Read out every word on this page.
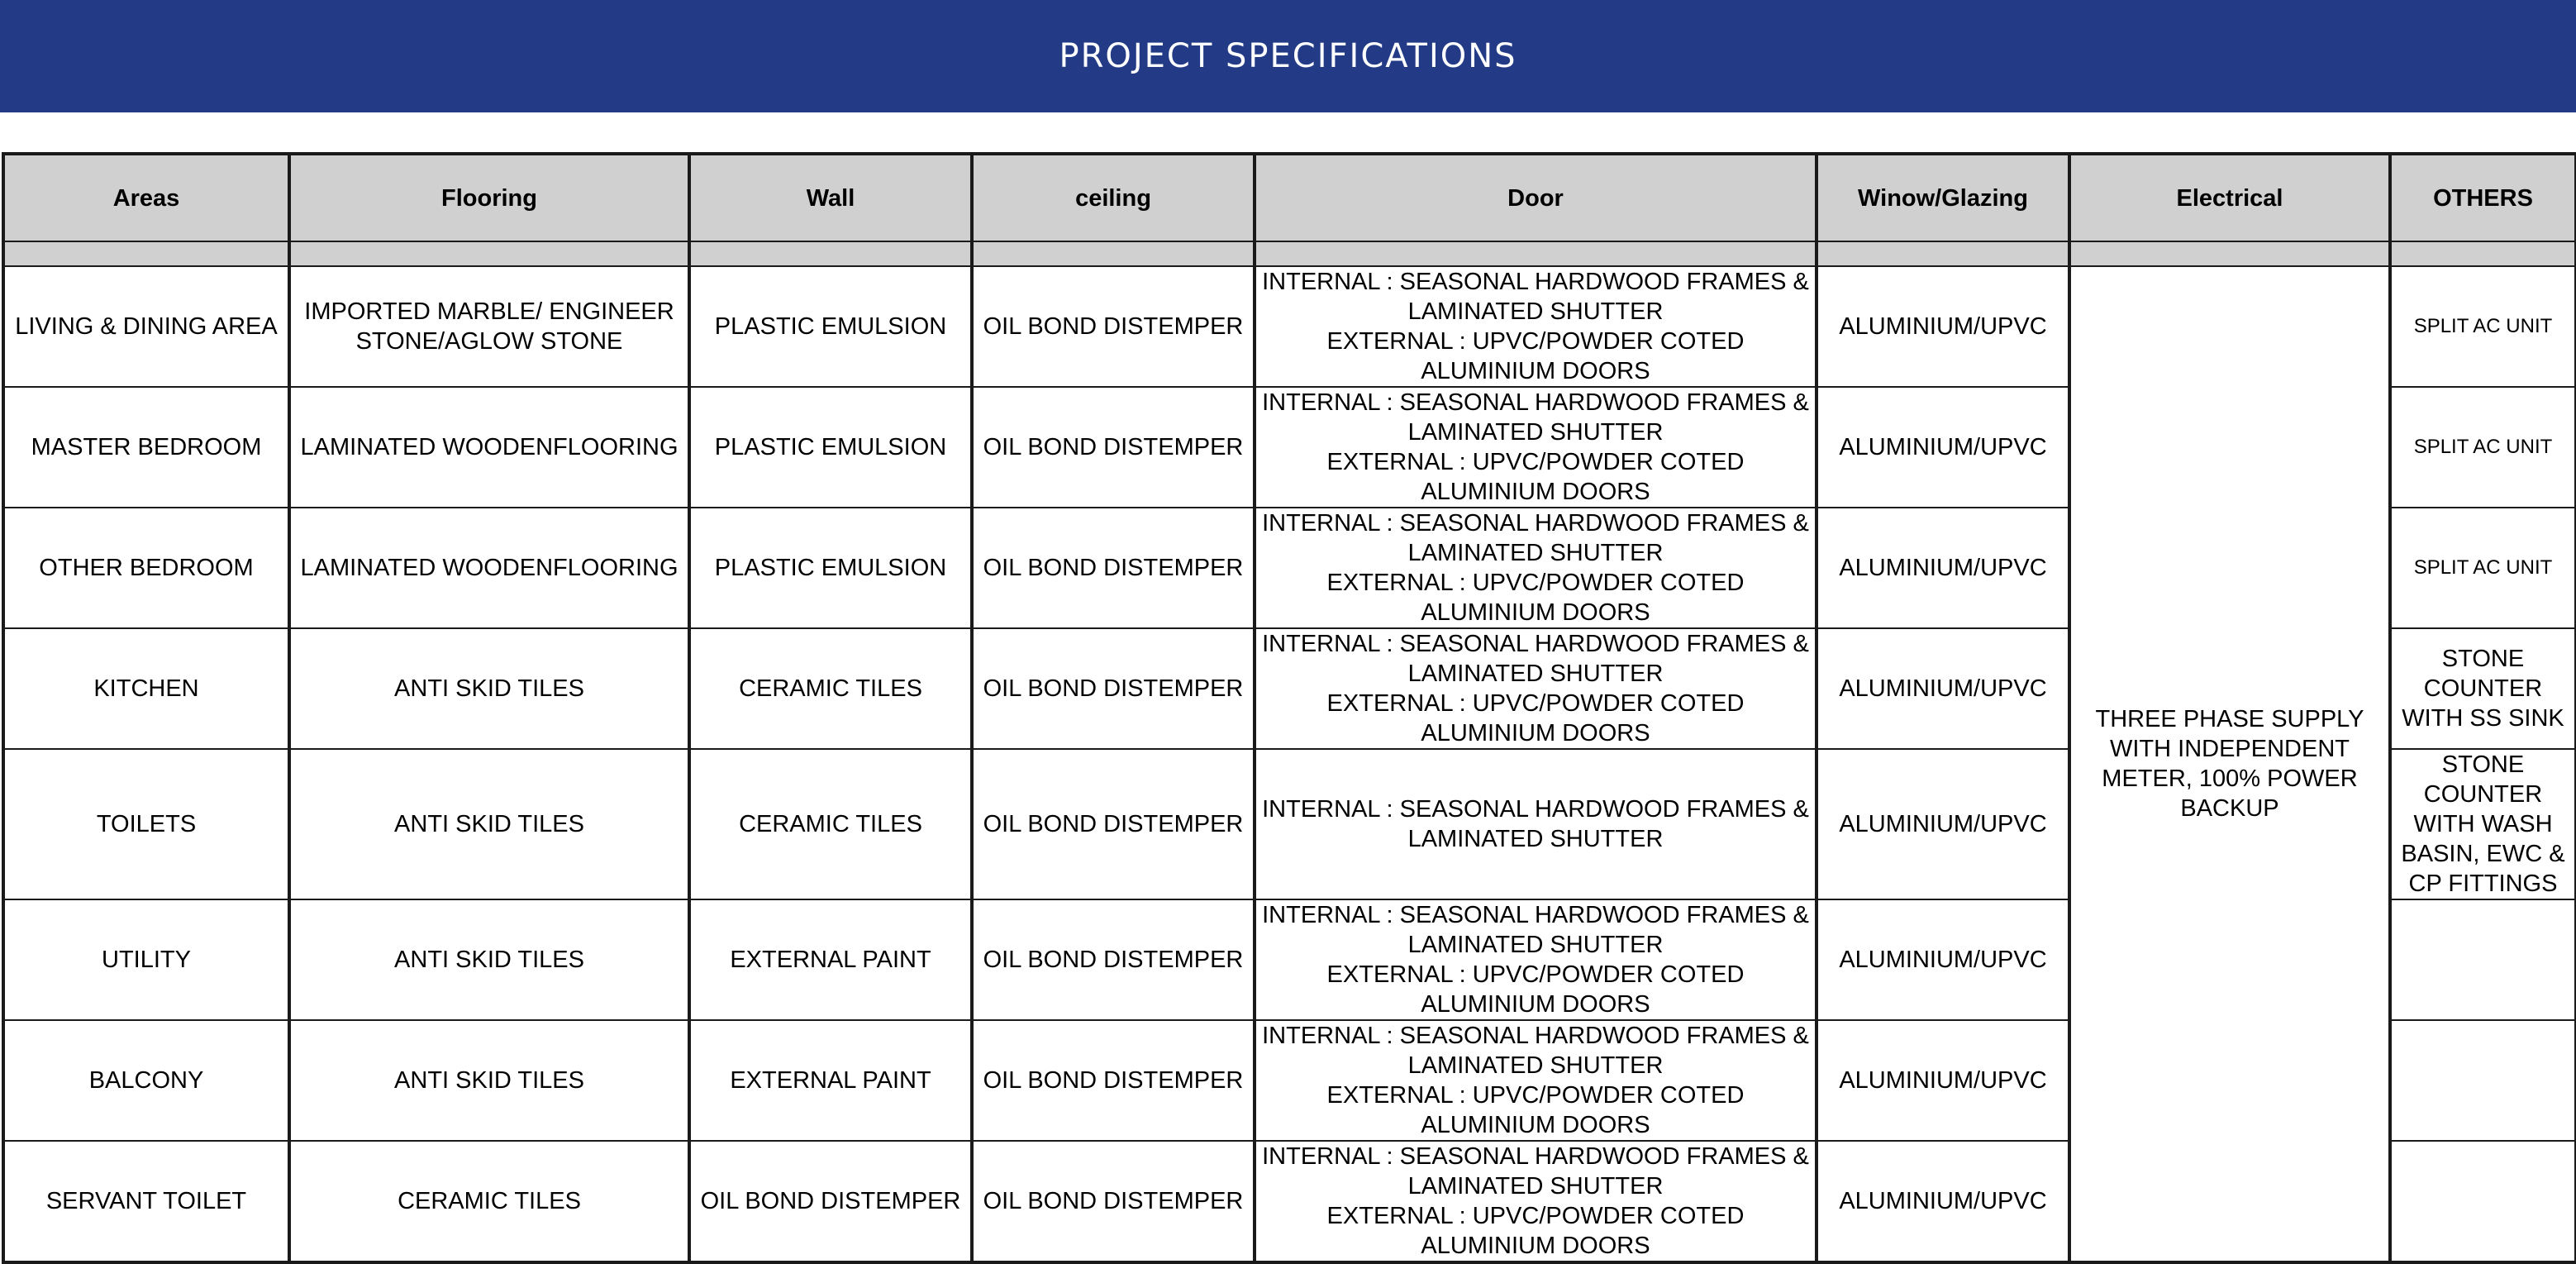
PROJECT SPECIFICATIONS
Areas	Flooring	Wall	ceiling	Door	Winow/Glazing	Electrical	OTHERS

LIVING & DINING AREA	IMPORTED MARBLE/ ENGINEER STONE/AGLOW STONE	PLASTIC EMULSION	OIL BOND DISTEMPER	INTERNAL : SEASONAL HARDWOOD FRAMES &
LAMINATED SHUTTER
EXTERNAL : UPVC/POWDER COTED
ALUMINIUM DOORS	ALUMINIUM/UPVC	THREE PHASE SUPPLY WITH INDEPENDENT METER, 100% POWER BACKUP	SPLIT AC UNIT
MASTER BEDROOM	LAMINATED WOODENFLOORING	PLASTIC EMULSION	OIL BOND DISTEMPER	INTERNAL : SEASONAL HARDWOOD FRAMES &
LAMINATED SHUTTER
EXTERNAL : UPVC/POWDER COTED
ALUMINIUM DOORS	ALUMINIUM/UPVC		SPLIT AC UNIT
OTHER BEDROOM	LAMINATED WOODENFLOORING	PLASTIC EMULSION	OIL BOND DISTEMPER	INTERNAL : SEASONAL HARDWOOD FRAMES &
LAMINATED SHUTTER
EXTERNAL : UPVC/POWDER COTED
ALUMINIUM DOORS	ALUMINIUM/UPVC		SPLIT AC UNIT
KITCHEN	ANTI SKID TILES	CERAMIC TILES	OIL BOND DISTEMPER	INTERNAL : SEASONAL HARDWOOD FRAMES &
LAMINATED SHUTTER
EXTERNAL : UPVC/POWDER COTED
ALUMINIUM DOORS	ALUMINIUM/UPVC		STONE COUNTER WITH SS SINK
TOILETS	ANTI SKID TILES	CERAMIC TILES	OIL BOND DISTEMPER	INTERNAL : SEASONAL HARDWOOD FRAMES &
LAMINATED SHUTTER	ALUMINIUM/UPVC		STONE COUNTER WITH WASH BASIN, EWC & CP FITTINGS
UTILITY	ANTI SKID TILES	EXTERNAL PAINT	OIL BOND DISTEMPER	INTERNAL : SEASONAL HARDWOOD FRAMES &
LAMINATED SHUTTER
EXTERNAL : UPVC/POWDER COTED
ALUMINIUM DOORS	ALUMINIUM/UPVC		
BALCONY	ANTI SKID TILES	EXTERNAL PAINT	OIL BOND DISTEMPER	INTERNAL : SEASONAL HARDWOOD FRAMES &
LAMINATED SHUTTER
EXTERNAL : UPVC/POWDER COTED
ALUMINIUM DOORS	ALUMINIUM/UPVC		
SERVANT TOILET	CERAMIC TILES	OIL BOND DISTEMPER	OIL BOND DISTEMPER	INTERNAL : SEASONAL HARDWOOD FRAMES &
LAMINATED SHUTTER
EXTERNAL : UPVC/POWDER COTED
ALUMINIUM DOORS	ALUMINIUM/UPVC		
